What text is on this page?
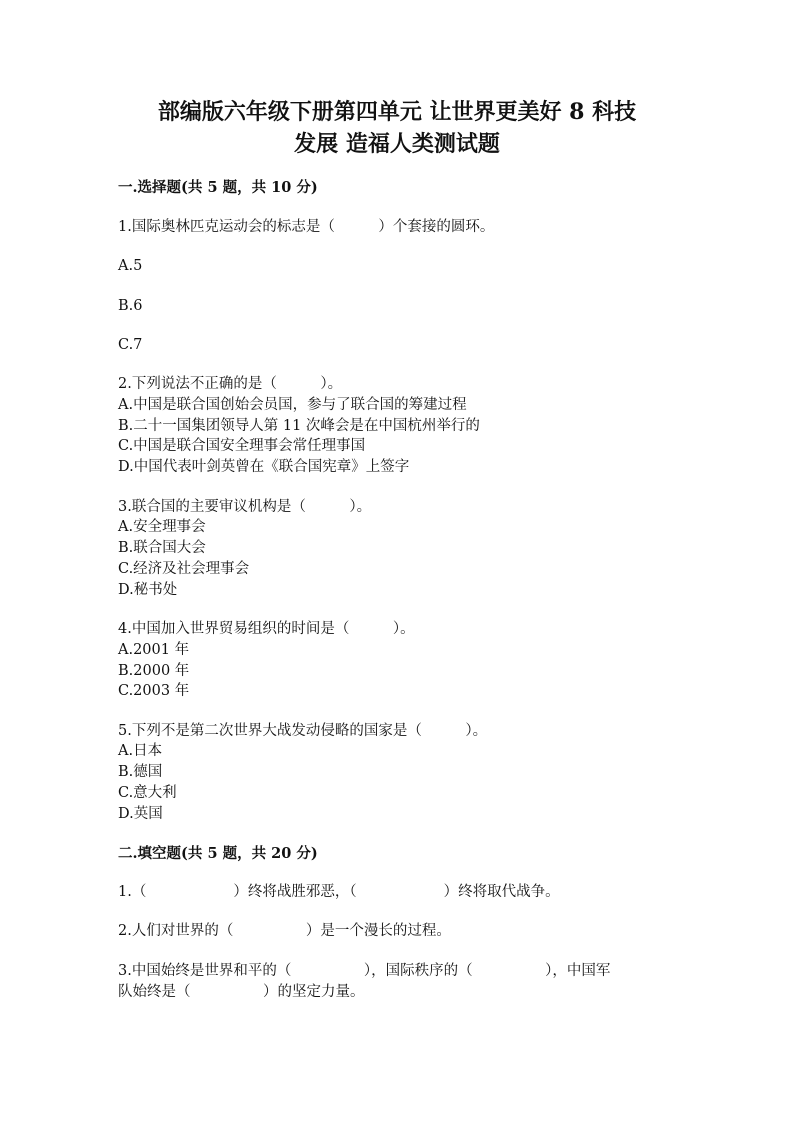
部编版六年级下册第四单元 让世界更美好 8 科技
发展 造福人类测试题
一.选择题(共 5 题，共 10 分)
1.国际奥林匹克运动会的标志是（　　　）个套接的圆环。
A.5
B.6
C.7
2.下列说法不正确的是（　　　）。
A.中国是联合国创始会员国，参与了联合国的筹建过程
B.二十一国集团领导人第 11 次峰会是在中国杭州举行的
C.中国是联合国安全理事会常任理事国
D.中国代表叶剑英曾在《联合国宪章》上签字
3.联合国的主要审议机构是（　　　）。
A.安全理事会
B.联合国大会
C.经济及社会理事会
D.秘书处
4.中国加入世界贸易组织的时间是（　　　）。
A.2001 年
B.2000 年
C.2003 年
5.下列不是第二次世界大战发动侵略的国家是（　　　）。
A.日本
B.德国
C.意大利
D.英国
二.填空题(共 5 题，共 20 分)
1.（　　　　　　）终将战胜邪恶，（　　　　　　）终将取代战争。
2.人们对世界的（　　　　　）是一个漫长的过程。
3.中国始终是世界和平的（　　　　　），国际秩序的（　　　　　），中国军
队始终是（　　　　　）的坚定力量。
